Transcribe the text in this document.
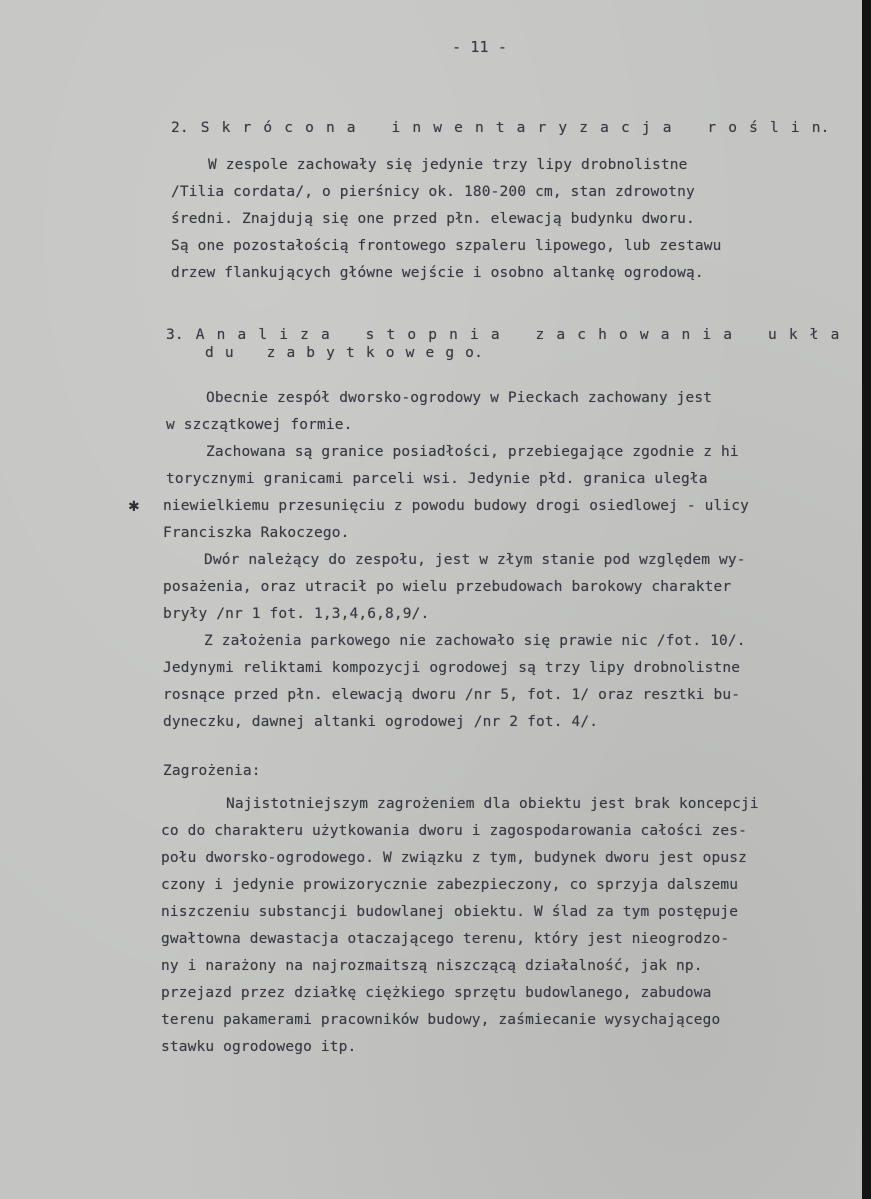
- 11 -
2. S k r ó c o n a   i n w e n t a r y z a c j a   r o ś l i n.
W zespole zachowały się jedynie trzy lipy drobnolistne
/Tilia cordata/, o pierśnicy ok. 180-200 cm, stan zdrowotny
średni. Znajdują się one przed płn. elewacją budynku dworu.
Są one pozostałością frontowego szpaleru lipowego, lub zestawu
drzew flankujących główne wejście i osobno altankę ogrodową.
3. A n a l i z a   s t o p n i a   z a c h o w a n i a   u k ł a
d u   z a b y t k o w e g o.
Obecnie zespół dworsko-ogrodowy w Pieckach zachowany jest
w szczątkowej formie.
Zachowana są granice posiadłości, przebiegające zgodnie z hi
torycznymi granicami parceli wsi. Jedynie płd. granica uległa
niewielkiemu przesunięciu z powodu budowy drogi osiedlowej - ulicy
Franciszka Rakoczego.
Dwór należący do zespołu, jest w złym stanie pod względem wy-
posażenia, oraz utracił po wielu przebudowach barokowy charakter
bryły /nr 1 fot. 1,3,4,6,8,9/.
Z założenia parkowego nie zachowało się prawie nic /fot. 10/.
Jedynymi reliktami kompozycji ogrodowej są trzy lipy drobnolistne
rosnące przed płn. elewacją dworu /nr 5, fot. 1/ oraz resztki bu-
dyneczku, dawnej altanki ogrodowej /nr 2 fot. 4/.
Zagrożenia:
Najistotniejszym zagrożeniem dla obiektu jest brak koncepcji
co do charakteru użytkowania dworu i zagospodarowania całości zes-
połu dworsko-ogrodowego. W związku z tym, budynek dworu jest opusz
czony i jedynie prowizorycznie zabezpieczony, co sprzyja dalszemu
niszczeniu substancji budowlanej obiektu. W ślad za tym postępuje
gwałtowna dewastacja otaczającego terenu, który jest nieogrodzo-
ny i narażony na najrozmaitszą niszczącą działalność, jak np.
przejazd przez działkę ciężkiego sprzętu budowlanego, zabudowa
terenu pakamerami pracowników budowy, zaśmiecanie wysychającego
stawku ogrodowego itp.
✱
